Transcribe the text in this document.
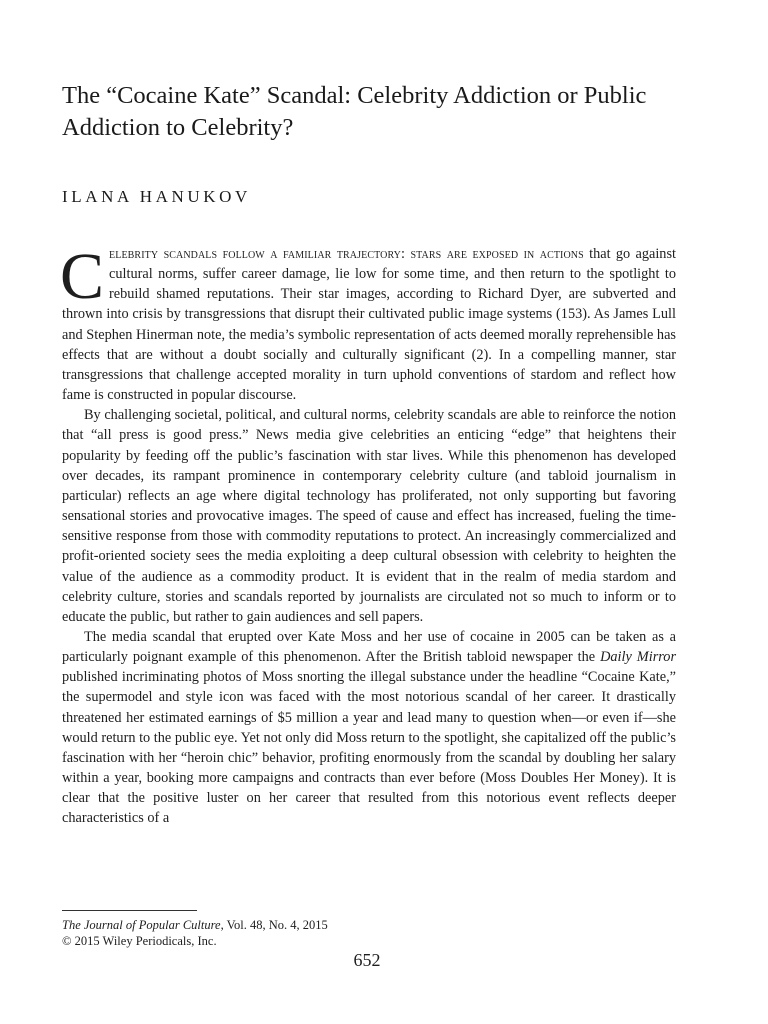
The “Cocaine Kate” Scandal: Celebrity Addiction or Public Addiction to Celebrity?
ILANA HANUKOV

Celebrity scandals follow a familiar trajectory: stars are exposed in actions that go against cultural norms, suffer career damage, lie low for some time, and then return to the spotlight to rebuild shamed reputations. Their star images, according to Richard Dyer, are subverted and thrown into crisis by transgressions that disrupt their cultivated public image systems (153). As James Lull and Stephen Hinerman note, the media’s symbolic representation of acts deemed morally reprehensible has effects that are without a doubt socially and culturally significant (2). In a compelling manner, star transgressions that challenge accepted morality in turn uphold conventions of stardom and reflect how fame is constructed in popular discourse.

By challenging societal, political, and cultural norms, celebrity scandals are able to reinforce the notion that “all press is good press.” News media give celebrities an enticing “edge” that heightens their popularity by feeding off the public’s fascination with star lives. While this phenomenon has developed over decades, its rampant prominence in contemporary celebrity culture (and tabloid journalism in particular) reflects an age where digital technology has proliferated, not only supporting but favoring sensational stories and provocative images. The speed of cause and effect has increased, fueling the time-sensitive response from those with commodity reputations to protect. An increasingly commercialized and profit-oriented society sees the media exploiting a deep cultural obsession with celebrity to heighten the value of the audience as a commodity product. It is evident that in the realm of media stardom and celebrity culture, stories and scandals reported by journalists are circulated not so much to inform or to educate the public, but rather to gain audiences and sell papers.

The media scandal that erupted over Kate Moss and her use of cocaine in 2005 can be taken as a particularly poignant example of this phenomenon. After the British tabloid newspaper the Daily Mirror published incriminating photos of Moss snorting the illegal substance under the headline “Cocaine Kate,” the supermodel and style icon was faced with the most notorious scandal of her career. It drastically threatened her estimated earnings of $5 million a year and lead many to question when—or even if—she would return to the public eye. Yet not only did Moss return to the spotlight, she capitalized off the public’s fascination with her “heroin chic” behavior, profiting enormously from the scandal by doubling her salary within a year, booking more campaigns and contracts than ever before (Moss Doubles Her Money). It is clear that the positive luster on her career that resulted from this notorious event reflects deeper characteristics of a

The Journal of Popular Culture, Vol. 48, No. 4, 2015
© 2015 Wiley Periodicals, Inc.
652
